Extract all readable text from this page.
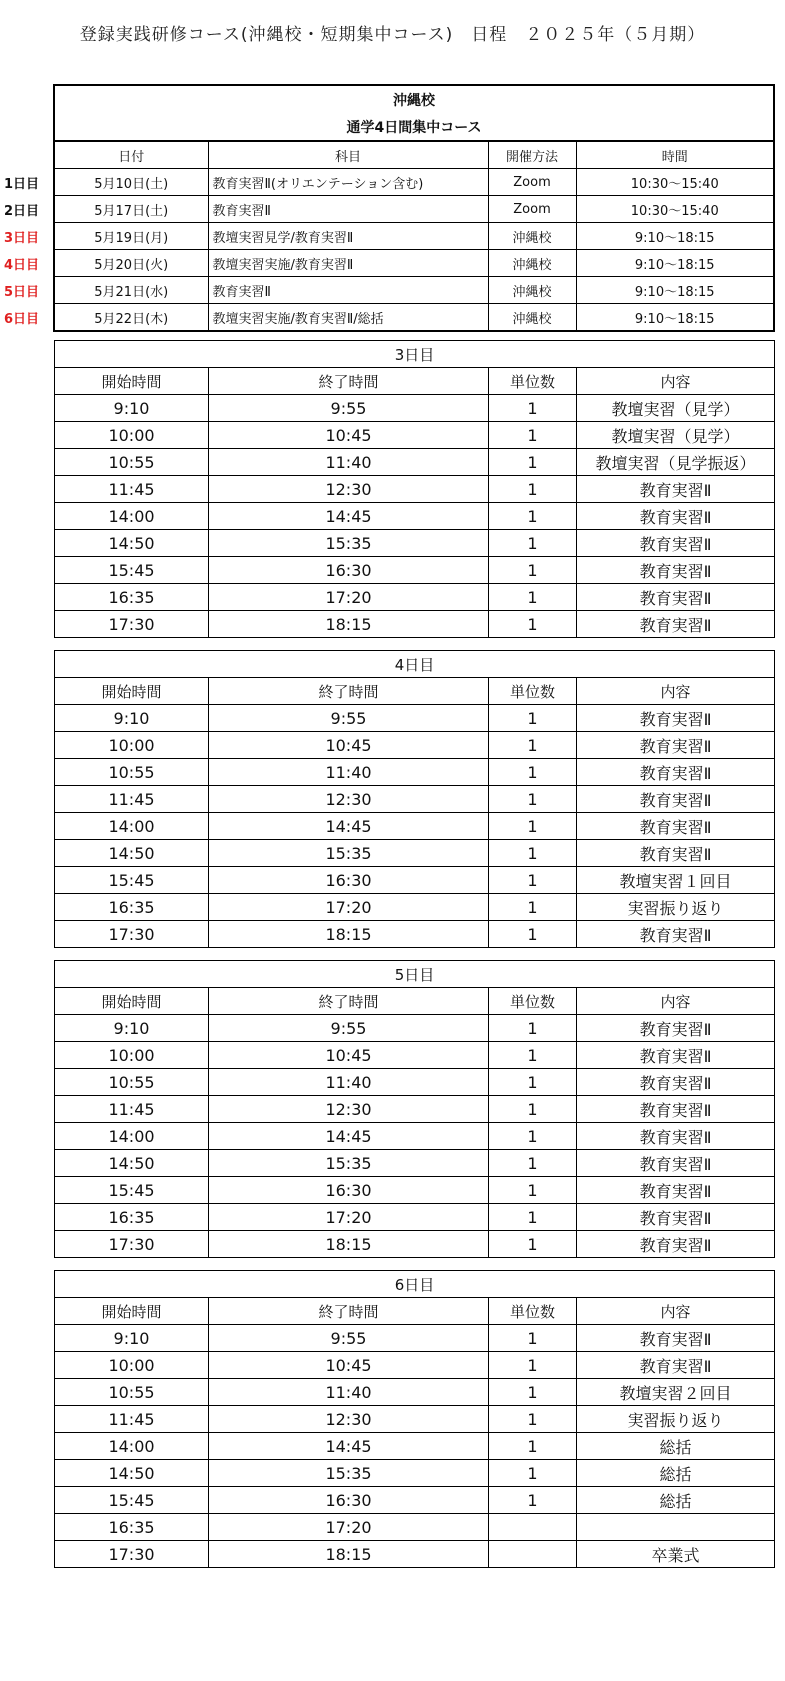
登録実践研修コース(沖縄校・短期集中コース)　日程　２０２５年（５月期）
	沖縄校			
	通学4日間集中コース			
	日付	科目	開催方法	時間
1日目	5月10日(土)	教育実習Ⅱ(オリエンテーション含む)	Zoom	10:30～15:40
2日目	5月17日(土)	教育実習Ⅱ	Zoom	10:30～15:40
3日目	5月19日(月)	教壇実習見学/教育実習Ⅱ	沖縄校	9:10～18:15
4日目	5月20日(火)	教壇実習実施/教育実習Ⅱ	沖縄校	9:10～18:15
5日目	5月21日(水)	教育実習Ⅱ	沖縄校	9:10～18:15
6日目	5月22日(木)	教壇実習実施/教育実習Ⅱ/総括	沖縄校	9:10～18:15
3日目			
開始時間	終了時間	単位数	内容
9:10	9:55	1	教壇実習（見学）
10:00	10:45	1	教壇実習（見学）
10:55	11:40	1	教壇実習（見学振返）
11:45	12:30	1	教育実習Ⅱ
14:00	14:45	1	教育実習Ⅱ
14:50	15:35	1	教育実習Ⅱ
15:45	16:30	1	教育実習Ⅱ
16:35	17:20	1	教育実習Ⅱ
17:30	18:15	1	教育実習Ⅱ
4日目			
開始時間	終了時間	単位数	内容
9:10	9:55	1	教育実習Ⅱ
10:00	10:45	1	教育実習Ⅱ
10:55	11:40	1	教育実習Ⅱ
11:45	12:30	1	教育実習Ⅱ
14:00	14:45	1	教育実習Ⅱ
14:50	15:35	1	教育実習Ⅱ
15:45	16:30	1	教壇実習１回目
16:35	17:20	1	実習振り返り
17:30	18:15	1	教育実習Ⅱ
5日目			
開始時間	終了時間	単位数	内容
9:10	9:55	1	教育実習Ⅱ
10:00	10:45	1	教育実習Ⅱ
10:55	11:40	1	教育実習Ⅱ
11:45	12:30	1	教育実習Ⅱ
14:00	14:45	1	教育実習Ⅱ
14:50	15:35	1	教育実習Ⅱ
15:45	16:30	1	教育実習Ⅱ
16:35	17:20	1	教育実習Ⅱ
17:30	18:15	1	教育実習Ⅱ
6日目			
開始時間	終了時間	単位数	内容
9:10	9:55	1	教育実習Ⅱ
10:00	10:45	1	教育実習Ⅱ
10:55	11:40	1	教壇実習２回目
11:45	12:30	1	実習振り返り
14:00	14:45	1	総括
14:50	15:35	1	総括
15:45	16:30	1	総括
16:35	17:20		
17:30	18:15		卒業式
